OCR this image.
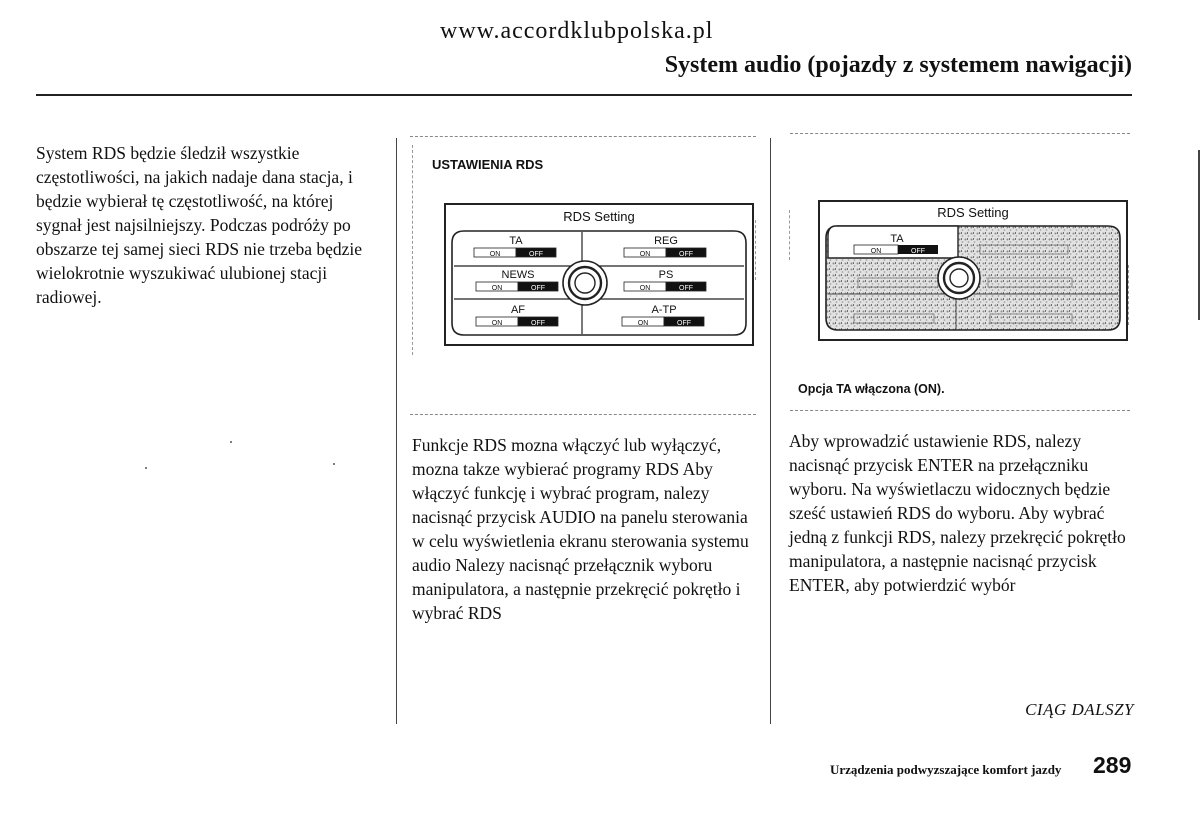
www.accordklubpolska.pl
System audio (pojazdy z systemem nawigacji)
System RDS będzie śledził wszystkie częstotliwości, na jakich nadaje dana stacja, i będzie wybierał tę częstotliwość, na której sygnał jest najsilniejszy. Podczas podróży po obszarze tej samej sieci RDS nie trzeba będzie wielokrotnie wyszukiwać ulubionej stacji radiowej.
USTAWIENIA RDS
RDS Setting
TA
ON	OFF
REG
ON	OFF
NEWS
ON	OFF
PS
ON	OFF
AF
ON	OFF
A-TP
ON	OFF
Funkcje RDS mozna włączyć lub wyłączyć, mozna takze wybierać programy RDS Aby włączyć funkcję i wybrać program, nalezy nacisnąć przycisk AUDIO na panelu sterowania w celu wyświetlenia ekranu sterowania systemu audio Nalezy nacisnąć przełącznik wyboru manipulatora, a następnie przekręcić pokrętło i wybrać RDS
RDS Setting
TA
ON	OFF
Opcja TA włączona (ON).
Aby wprowadzić ustawienie RDS, nalezy nacisnąć przycisk ENTER na przełączniku wyboru. Na wyświetlaczu widocznych będzie sześć ustawień RDS do wyboru. Aby wybrać jedną z funkcji RDS, nalezy przekręcić pokrętło manipulatora, a następnie nacisnąć przycisk ENTER, aby potwierdzić wybór
CIĄG DALSZY
Urządzenia podwyzszające komfort jazdy 289
